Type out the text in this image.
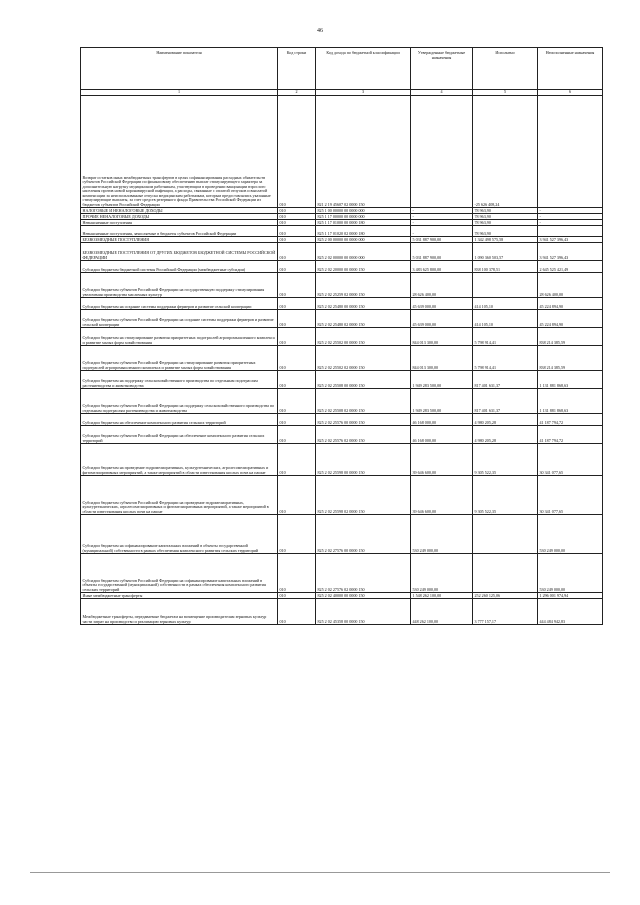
46
Наименование показателя	Код строки	Код дохода по бюджетной классификации	Утвержденные бюджетные назначения	Исполнено	Неисполненные назначения
1	2	3	4	5	6
Возврат остатков иных межбюджетных трансфертов в целях софинансирования расходных обязательств субъектов Российской Федерации по финансовому обеспечению выплат стимулирующего характера за дополнительную нагрузку медицинским работникам, участвующим в проведении вакцинации взрослого населения против новой коронавирусной инфекции, а расходы, связанные с оплатой отпусков и выплатой компенсации за неиспользованные отпуска медицинским работникам, которым предоставлялись указанные стимулирующие выплаты, за счет средств резервного фонда Правительства Российской Федерации из бюджетов субъектов Российской Федерации	010	821 2 19 45607 02 0000 150		-25 626 408,24	
НАЛОГОВЫЕ И НЕНАЛОГОВЫЕ ДОХОДЫ	010	825 1 00 00000 00 0000 000	-	78 963,90	-
ПРОЧИЕ НЕНАЛОГОВЫЕ ДОХОДЫ	010	825 1 17 00000 00 0000 000	-	78 963,90	-
Невыясненные поступления	010	825 1 17 01000 00 0000 180	-	78 963,90	-
Невыясненные поступления, зачисляемые в бюджеты субъектов Российской Федерации	010	825 1 17 01020 02 0000 180	-	78 963,90	
БЕЗВОЗМЕЗДНЫЕ ПОСТУПЛЕНИЯ	010	825 2 00 00000 00 0000 000	5 031 887 900,00	1 342 498 575,58	3 941 527 396,43
БЕЗВОЗМЕЗДНЫЕ ПОСТУПЛЕНИЯ ОТ ДРУГИХ БЮДЖЕТОВ БЮДЖЕТНОЙ СИСТЕМЫ РОССИЙСКОЙ ФЕДЕРАЦИИ	010	825 2 02 00000 00 0000 000	5 031 887 900,00	1 090 360 503,57	3 941 527 396,43
Субсидии бюджетам бюджетной системы Российской Федерации (межбюджетные субсидии)	010	825 2 02 20000 00 0000 150	3 483 625 800,00	838 100 378,51	2 645 525 421,49
Субсидии бюджетам субъектов Российской Федерации на государственную поддержку стимулирования увеличения производства масличных культур	010	825 2 02 25259 02 0000 150	28 626 400,00		28 626 400,00
Субсидии бюджетам на создание системы поддержки фермеров и развитие сельской кооперации	010	825 2 02 25480 00 0000 150	45 639 000,00	414 105,10	45 224 894,90
Субсидии бюджетам субъектов Российской Федерации на создание системы поддержки фермеров и развитие сельской кооперации	010	825 2 02 25480 02 0000 150	45 639 000,00	414 105,10	45 224 894,90
Субсидии бюджетам на стимулирование развития приоритетных подотраслей агропромышленного комплекса и развитие малых форм хозяйствования	010	825 2 02 25502 00 0000 150	844 013 300,00	5 798 914,41	838 214 385,59
Субсидии бюджетам субъектов Российской Федерации на стимулирование развития приоритетных подотраслей агропромышленного комплекса и развитие малых форм хозяйствования	010	825 2 02 25502 02 0000 150	844 013 300,00	5 798 914,41	838 214 385,59
Субсидии бюджетам на поддержку сельскохозяйственного производства по отдельным подотраслям растениеводства и животноводства	010	825 2 02 25508 00 0000 150	1 949 283 500,00	817 401 631,37	1 131 881 868,63
Субсидии бюджетам субъектов Российской Федерации на поддержку сельскохозяйственного производства по отдельным подотраслям растениеводства и животноводства	010	825 2 02 25508 02 0000 150	1 949 283 500,00	817 401 631,37	1 131 881 868,63
Субсидии бюджетам на обеспечение комплексного развития сельских территорий	010	825 2 02 25576 00 0000 150	46 168 000,00	4 980 205,28	41 187 794,72
Субсидии бюджетам субъектов Российской Федерации на обеспечение комплексного развития сельских территорий	010	825 2 02 25576 02 0000 150	46 168 000,00	4 980 205,28	41 187 794,72
Субсидии бюджетам на проведение гидромелиоративных, культуртехнических, агролесомелиоративных и фитомелиоративных мероприятий, а также мероприятий в области известкования кислых почв на пашне	010	825 2 02 25598 00 0000 150	39 646 600,00	9 305 522,35	30 341 077,65
Субсидии бюджетам субъектов Российской Федерации на проведение гидромелиоративных, культуртехнических, агролесомелиоративных и фитомелиоративных мероприятий, а также мероприятий в области известкования кислых почв на пашне	010	825 2 02 25598 02 0000 150	39 646 600,00	9 305 522,35	30 341 077,65
Субсидии бюджетам на софинансирование капитальных вложений в объекты государственной (муниципальной) собственности в рамках обеспечения комплексного развития сельских территорий	010	825 2 02 27576 00 0000 150	530 249 000,00		530 249 000,00
Субсидии бюджетам субъектов Российской Федерации на софинансирование капитальных вложений в объекты государственной (муниципальной) собственности в рамках обеспечения комплексного развития сельских территорий	010	825 2 02 27576 02 0000 150	530 249 000,00		530 249 000,00
Иные межбюджетные трансферты	010	825 2 02 40000 00 0000 150	1 548 262 100,00	252 260 125,06	1 296 001 974,94
Межбюджетные трансферты, передаваемые бюджетам на возмещение производителям зерновых культур части затрат на производство и реализацию зерновых культур	010	825 2 02 45358 00 0000 150	448 262 100,00	3 777 157,17	444 484 942,83
